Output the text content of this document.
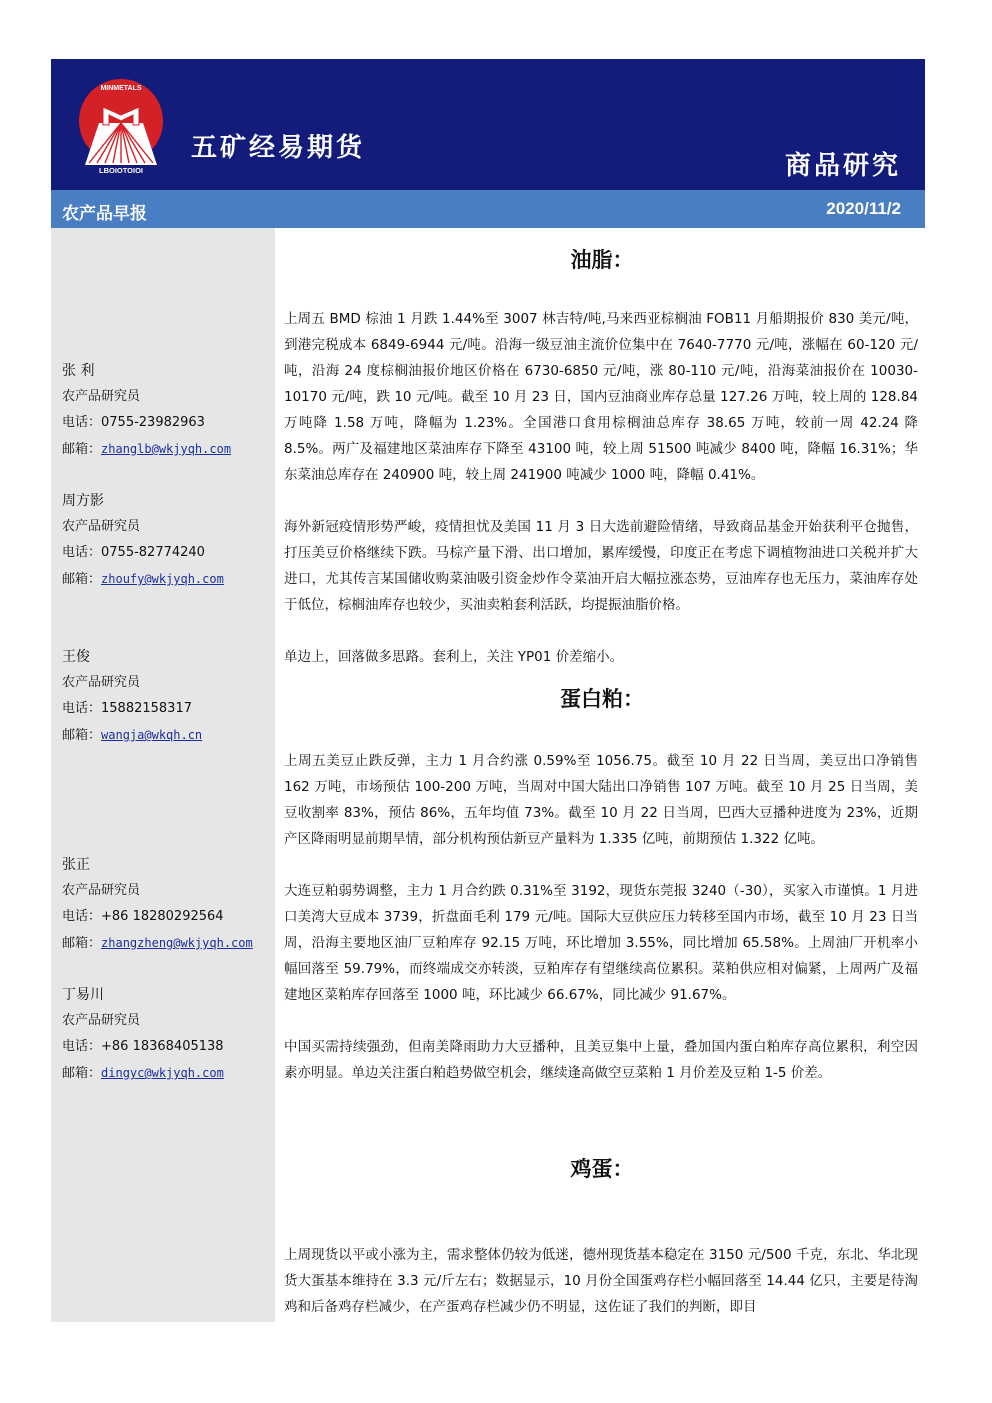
MINMETALS
LBOIOTOIOI
五矿经易期货
商品研究
农产品早报	2020/11/2
张 利
农产品研究员
电话：0755-23982963
邮箱：zhanglb@wkjyqh.com
周方影
农产品研究员
电话：0755-82774240
邮箱：zhoufy@wkjyqh.com
王俊
农产品研究员
电话：15882158317
邮箱：wangja@wkqh.cn
张正
农产品研究员
电话：+86 18280292564
邮箱：zhangzheng@wkjyqh.com
丁易川
农产品研究员
电话：+86 18368405138
邮箱：dingyc@wkjyqh.com
油脂：
上周五 BMD 棕油 1 月跌 1.44%至 3007 林吉特/吨,马来西亚棕榈油 FOB11 月船期报价 830 美元/吨，到港完税成本 6849-6944 元/吨。沿海一级豆油主流价位集中在 7640-7770 元/吨，涨幅在 60-120 元/吨，沿海 24 度棕榈油报价地区价格在 6730-6850 元/吨，涨 80-110 元/吨，沿海菜油报价在 10030-10170 元/吨，跌 10 元/吨。截至 10 月 23 日，国内豆油商业库存总量 127.26 万吨，较上周的 128.84 万吨降 1.58 万吨，降幅为 1.23%。全国港口食用棕榈油总库存 38.65 万吨，较前一周 42.24 降 8.5%。两广及福建地区菜油库存下降至 43100 吨，较上周 51500 吨减少 8400 吨，降幅 16.31%；华东菜油总库存在 240900 吨，较上周 241900 吨减少 1000 吨，降幅 0.41%。
海外新冠疫情形势严峻，疫情担忧及美国 11 月 3 日大选前避险情绪，导致商品基金开始获利平仓抛售，打压美豆价格继续下跌。马棕产量下滑、出口增加，累库缓慢，印度正在考虑下调植物油进口关税并扩大进口，尤其传言某国储收购菜油吸引资金炒作令菜油开启大幅拉涨态势，豆油库存也无压力，菜油库存处于低位，棕榈油库存也较少，买油卖粕套利活跃，均提振油脂价格。
单边上，回落做多思路。套利上，关注 YP01 价差缩小。
蛋白粕：
上周五美豆止跌反弹，主力 1 月合约涨 0.59%至 1056.75。截至 10 月 22 日当周，美豆出口净销售 162 万吨，市场预估 100-200 万吨，当周对中国大陆出口净销售 107 万吨。截至 10 月 25 日当周，美豆收割率 83%，预估 86%，五年均值 73%。截至 10 月 22 日当周，巴西大豆播种进度为 23%，近期产区降雨明显前期旱情，部分机构预估新豆产量料为 1.335 亿吨，前期预估 1.322 亿吨。
大连豆粕弱势调整，主力 1 月合约跌 0.31%至 3192，现货东莞报 3240（-30），买家入市谨慎。1 月进口美湾大豆成本 3739，折盘面毛利 179 元/吨。国际大豆供应压力转移至国内市场，截至 10 月 23 日当周，沿海主要地区油厂豆粕库存 92.15 万吨，环比增加 3.55%，同比增加 65.58%。上周油厂开机率小幅回落至 59.79%，而终端成交亦转淡，豆粕库存有望继续高位累积。菜粕供应相对偏紧，上周两广及福建地区菜粕库存回落至 1000 吨，环比减少 66.67%，同比减少 91.67%。
中国买需持续强劲，但南美降雨助力大豆播种，且美豆集中上量，叠加国内蛋白粕库存高位累积，利空因素亦明显。单边关注蛋白粕趋势做空机会，继续逢高做空豆菜粕 1 月价差及豆粕 1-5 价差。
鸡蛋：
上周现货以平或小涨为主，需求整体仍较为低迷，德州现货基本稳定在 3150 元/500 千克，东北、华北现货大蛋基本维持在 3.3 元/斤左右；数据显示，10 月份全国蛋鸡存栏小幅回落至 14.44 亿只，主要是待淘鸡和后备鸡存栏减少，在产蛋鸡存栏减少仍不明显，这佐证了我们的判断，即目
